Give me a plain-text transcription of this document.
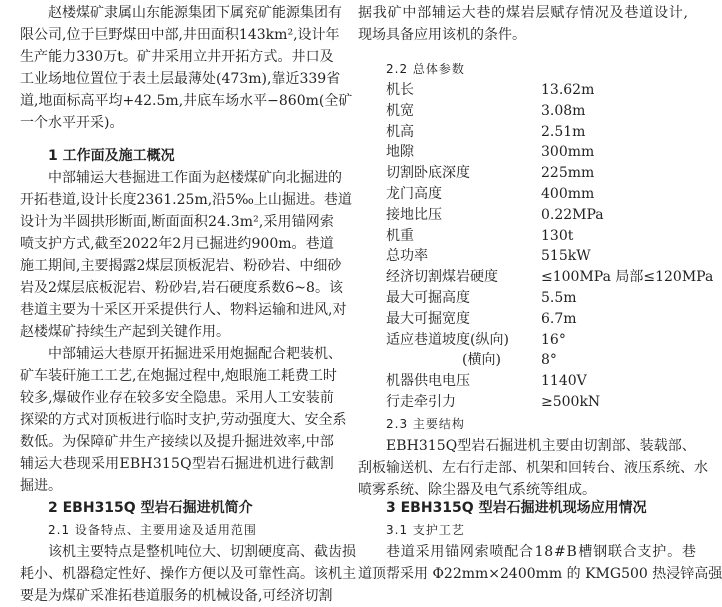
赵 楼 煤 矿 隶 属 山 东 能 源 集 团 下 属 兖 矿 能 源 集 团 有
限 公 司 , 位 于 巨 野 煤 田 中 部 , 井 田 面 积 1 4 3 k m ² , 设 计 年
生 产 能 力 3 3 0 万 t 。 矿 井 采 用 立 井 开 拓 方 式 。 井 口 及
工 业 场 地 位 置 位 于 表 土 层 最 薄 处 ( 4 7 3 m ) , 靠 近 3 3 9 省
道 , 地 面 标 高 平 均 + 4 2 . 5 m , 井 底 车 场 水 平 − 8 6 0 m ( 全 矿
一个水平开采)。
1 工作面及施工概况
中 部 辅 运 大 巷 掘 进 工 作 面 为 赵 楼 煤 矿 向 北 掘 进 的
开 拓 巷 道 , 设 计 长 度 2 3 6 1 . 2 5 m , 沿 5 ‰ 上 山 掘 进 。 巷 道
设 计 为 半 圆 拱 形 断 面 , 断 面 面 积 2 4 . 3 m ² , 采 用 锚 网 索
喷 支 护 方 式 , 截 至 2 0 2 2 年 2 月 已 掘 进 约 9 0 0 m 。 巷 道
施 工 期 间 , 主 要 揭 露 2 煤 层 顶 板 泥 岩 、 粉 砂 岩 、 中 细 砂
岩 及 2 煤 层 底 板 泥 岩 、 粉 砂 岩 , 岩 石 硬 度 系 数 6 ~ 8 。 该
巷 道 主 要 为 十 采 区 开 采 提 供 行 人 、 物 料 运 输 和 进 风 , 对
赵楼煤矿持续生产起到关键作用。
中 部 辅 运 大 巷 原 开 拓 掘 进 采 用 炮 掘 配 合 耙 装 机 、
矿 车 装 矸 施 工 工 艺 , 在 炮 掘 过 程 中 , 炮 眼 施 工 耗 费 工 时
较 多 , 爆 破 作 业 存 在 较 多 安 全 隐 患 。 采 用 人 工 安 装 前
探 梁 的 方 式 对 顶 板 进 行 临 时 支 护 , 劳 动 强 度 大 、 安 全 系
数 低 。 为 保 障 矿 井 生 产 接 续 以 及 提 升 掘 进 效 率 , 中 部
辅 运 大 巷 现 采 用 E B H 3 1 5 Q 型 岩 石 掘 进 机 进 行 截 割
掘进。
2 EBH315Q 型岩石掘进机简介
2.1 设备特点、主要用途及适用范围
该 机 主 要 特 点 是 整 机 吨 位 大 、 切 割 硬 度 高 、 截 齿 损
耗 小 、 机 器 稳 定 性 好 、 操 作 方 便 以 及 可 靠 性 高 。 该 机 主
要是为煤矿采准拓巷道服务的机械设备,可经济切割
据 我 矿 中 部 辅 运 大 巷 的 煤 岩 层 赋 存 情 况 及 巷 道 设 计 ,
现场具备应用该机的条件。
2.2 总体参数
机长	13.62m
机宽	3.08m
机高	2.51m
地隙	300mm
切割卧底深度	225mm
龙门高度	400mm
接地比压	0.22MPa
机重	130t
总功率	515kW
经济切割煤岩硬度	≤100MPa 局部≤120MPa
最大可掘高度	5.5m
最大可掘宽度	6.7m
适应巷道坡度(纵向) 16°
(横向)	8°
机器供电电压	1140V
行走牵引力	≥500kN
2.3 主要结构
E B H 3 1 5 Q 型 岩 石 掘 进 机 主 要 由 切 割 部 、 装 载 部 、
刮 板 输 送 机 、 左 右 行 走 部 、 机 架 和 回 转 台 、 液 压 系 统 、 水
喷雾系统、除尘器及电气系统等组成。
3 EBH315Q 型岩石掘进机现场应用情况
3.1 支护工艺
巷 道 采 用 锚 网 索 喷 配 合 1 8 # B 槽 钢 联 合 支 护 。 巷
道顶帮采用 Φ22mm×2400mm 的 KMG500 热浸锌高强
